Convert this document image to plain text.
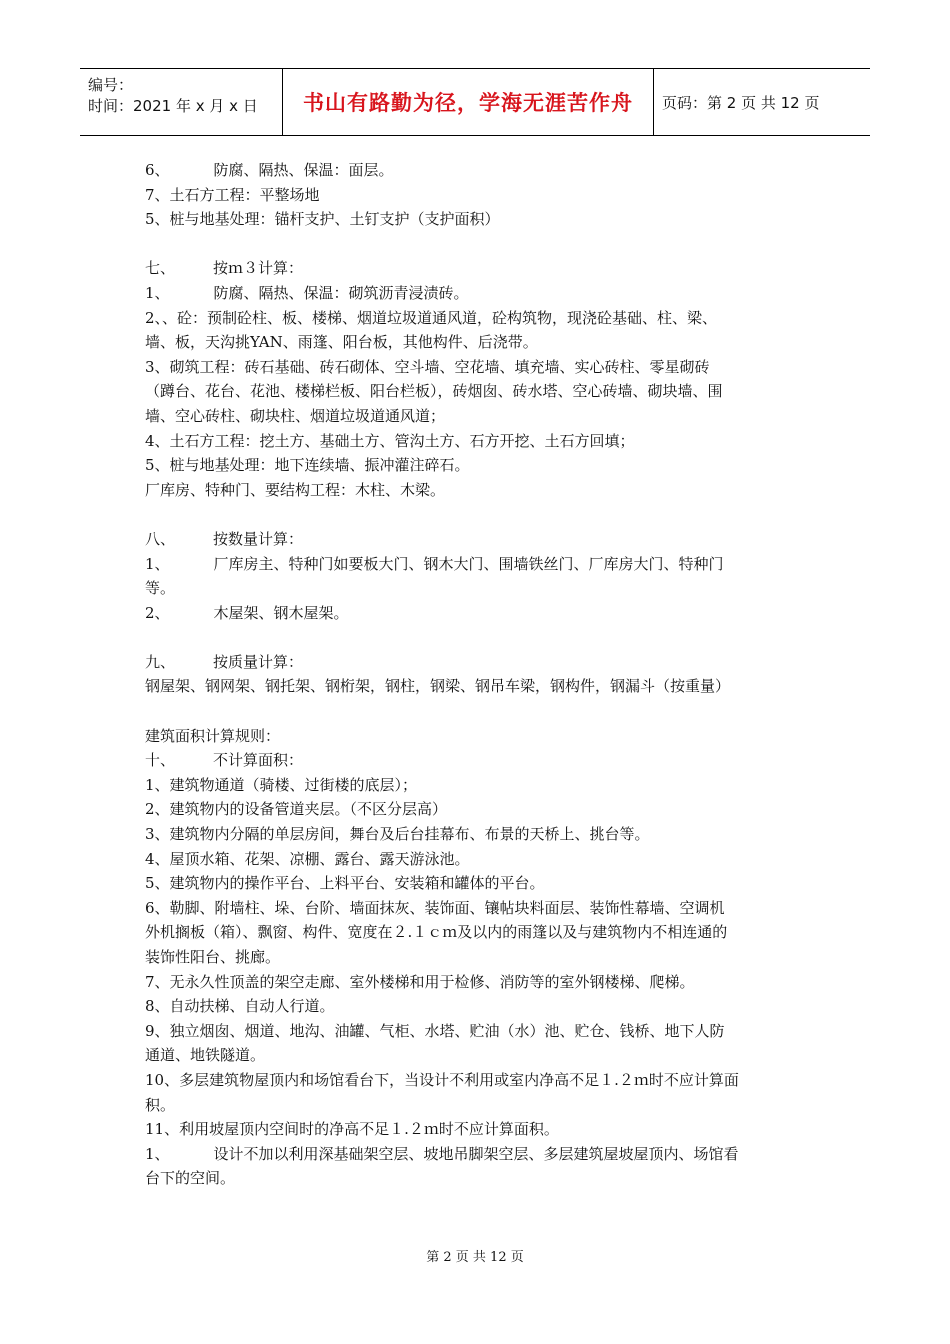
编号：
时间：2021 年 x 月 x 日	书山有路勤为径，学海无涯苦作舟 页码：第 2 页 共 12 页
6、	防腐、隔热、保温：面层。
7、土石方工程：平整场地
5、桩与地基处理：锚杆支护、土钉支护（支护面积）
七、	按ｍ３计算：
1、	防腐、隔热、保温：砌筑沥青浸渍砖。
2、、砼：预制砼柱、板、楼梯、烟道垃圾道通风道，砼构筑物，现浇砼基础、柱、梁、
墙、板，天沟挑YAN、雨篷、阳台板，其他构件、后浇带。
3、砌筑工程：砖石基础、砖石砌体、空斗墙、空花墙、填充墙、实心砖柱、零星砌砖
（蹲台、花台、花池、楼梯栏板、阳台栏板），砖烟囱、砖水塔、空心砖墙、砌块墙、围
墙、空心砖柱、砌块柱、烟道垃圾道通风道；
4、土石方工程：挖土方、基础土方、管沟土方、石方开挖、土石方回填；
5、桩与地基处理：地下连续墙、振冲灌注碎石。
厂库房、特种门、要结构工程：木柱、木梁。
八、	按数量计算：
1、	厂库房主、特种门如要板大门、钢木大门、围墙铁丝门、厂库房大门、特种门
等。
2、	木屋架、钢木屋架。
九、	按质量计算：
钢屋架、钢网架、钢托架、钢桁架，钢柱，钢梁、钢吊车梁，钢构件，钢漏斗（按重量）
建筑面积计算规则：
十、	不计算面积：
1、建筑物通道（骑楼、过街楼的底层）；
2、建筑物内的设备管道夹层。（不区分层高）
3、建筑物内分隔的单层房间，舞台及后台挂幕布、布景的天桥上、挑台等。
4、屋顶水箱、花架、凉棚、露台、露天游泳池。
5、建筑物内的操作平台、上料平台、安装箱和罐体的平台。
6、勒脚、附墙柱、垛、台阶、墙面抹灰、装饰面、镶帖块料面层、装饰性幕墙、空调机
外机搁板（箱）、飘窗、构件、宽度在２.１ｃｍ及以内的雨篷以及与建筑物内不相连通的
装饰性阳台、挑廊。
7、无永久性顶盖的架空走廊、室外楼梯和用于检修、消防等的室外钢楼梯、爬梯。
8、自动扶梯、自动人行道。
9、独立烟囱、烟道、地沟、油罐、气柜、水塔、贮油（水）池、贮仓、钱桥、地下人防
通道、地铁隧道。
10、多层建筑物屋顶内和场馆看台下，当设计不利用或室内净高不足１.２ｍ时不应计算面
积。
11、利用坡屋顶内空间时的净高不足１.２ｍ时不应计算面积。
1、	设计不加以利用深基础架空层、坡地吊脚架空层、多层建筑屋坡屋顶内、场馆看
台下的空间。
第 2 页 共 12 页
